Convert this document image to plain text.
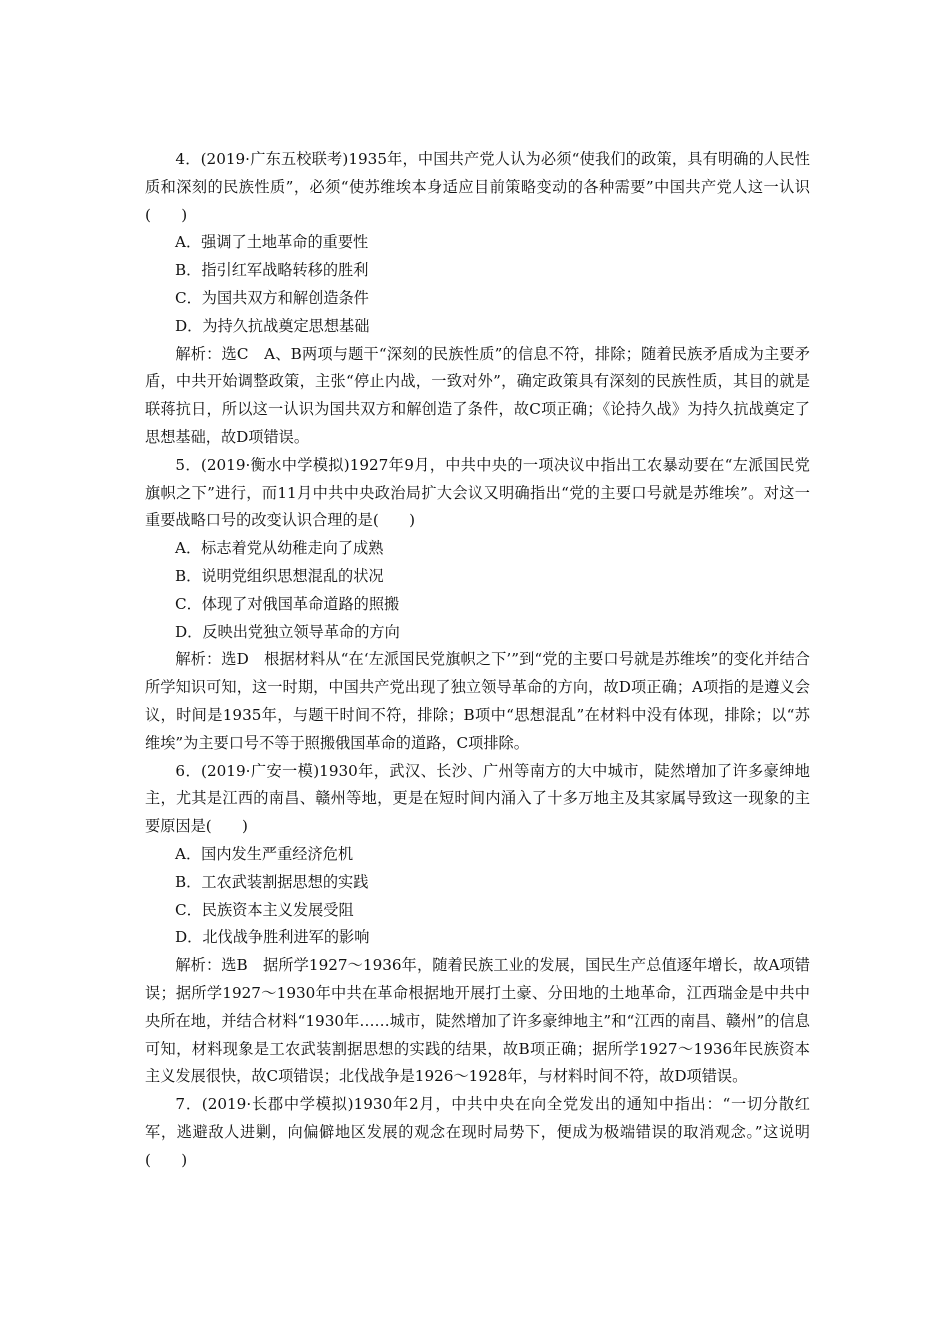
4．(2019·广东五校联考)1935年，中国共产党人认为必须“使我们的政策，具有明确的人民性质和深刻的民族性质”，必须“使苏维埃本身适应目前策略变动的各种需要”中国共产党人这一认识(　　)

A．强调了土地革命的重要性

B．指引红军战略转移的胜利

C．为国共双方和解创造条件

D．为持久抗战奠定思想基础

解析：选C　A、B两项与题干“深刻的民族性质”的信息不符，排除；随着民族矛盾成为主要矛盾，中共开始调整政策，主张“停止内战，一致对外”，确定政策具有深刻的民族性质，其目的就是联蒋抗日，所以这一认识为国共双方和解创造了条件，故C项正确；《论持久战》为持久抗战奠定了思想基础，故D项错误。

5．(2019·衡水中学模拟)1927年9月，中共中央的一项决议中指出工农暴动要在“左派国民党旗帜之下”进行，而11月中共中央政治局扩大会议又明确指出“党的主要口号就是苏维埃”。对这一重要战略口号的改变认识合理的是(　　)

A．标志着党从幼稚走向了成熟

B．说明党组织思想混乱的状况

C．体现了对俄国革命道路的照搬

D．反映出党独立领导革命的方向

解析：选D　根据材料从“在‘左派国民党旗帜之下’”到“党的主要口号就是苏维埃”的变化并结合所学知识可知，这一时期，中国共产党出现了独立领导革命的方向，故D项正确；A项指的是遵义会议，时间是1935年，与题干时间不符，排除；B项中“思想混乱”在材料中没有体现，排除；以“苏维埃”为主要口号不等于照搬俄国革命的道路，C项排除。

6．(2019·广安一模)1930年，武汉、长沙、广州等南方的大中城市，陡然增加了许多豪绅地主，尤其是江西的南昌、赣州等地，更是在短时间内涌入了十多万地主及其家属导致这一现象的主要原因是(　　)

A．国内发生严重经济危机

B．工农武装割据思想的实践

C．民族资本主义发展受阻

D．北伐战争胜利进军的影响

解析：选B　据所学1927～1936年，随着民族工业的发展，国民生产总值逐年增长，故A项错误；据所学1927～1930年中共在革命根据地开展打土豪、分田地的土地革命，江西瑞金是中共中央所在地，并结合材料“1930年……城市，陡然增加了许多豪绅地主”和“江西的南昌、赣州”的信息可知，材料现象是工农武装割据思想的实践的结果，故B项正确；据所学1927～1936年民族资本主义发展很快，故C项错误；北伐战争是1926～1928年，与材料时间不符，故D项错误。

7．(2019·长郡中学模拟)1930年2月，中共中央在向全党发出的通知中指出：“一切分散红军，逃避敌人进剿，向偏僻地区发展的观念在现时局势下，便成为极端错误的取消观念。”这说明(　　)
